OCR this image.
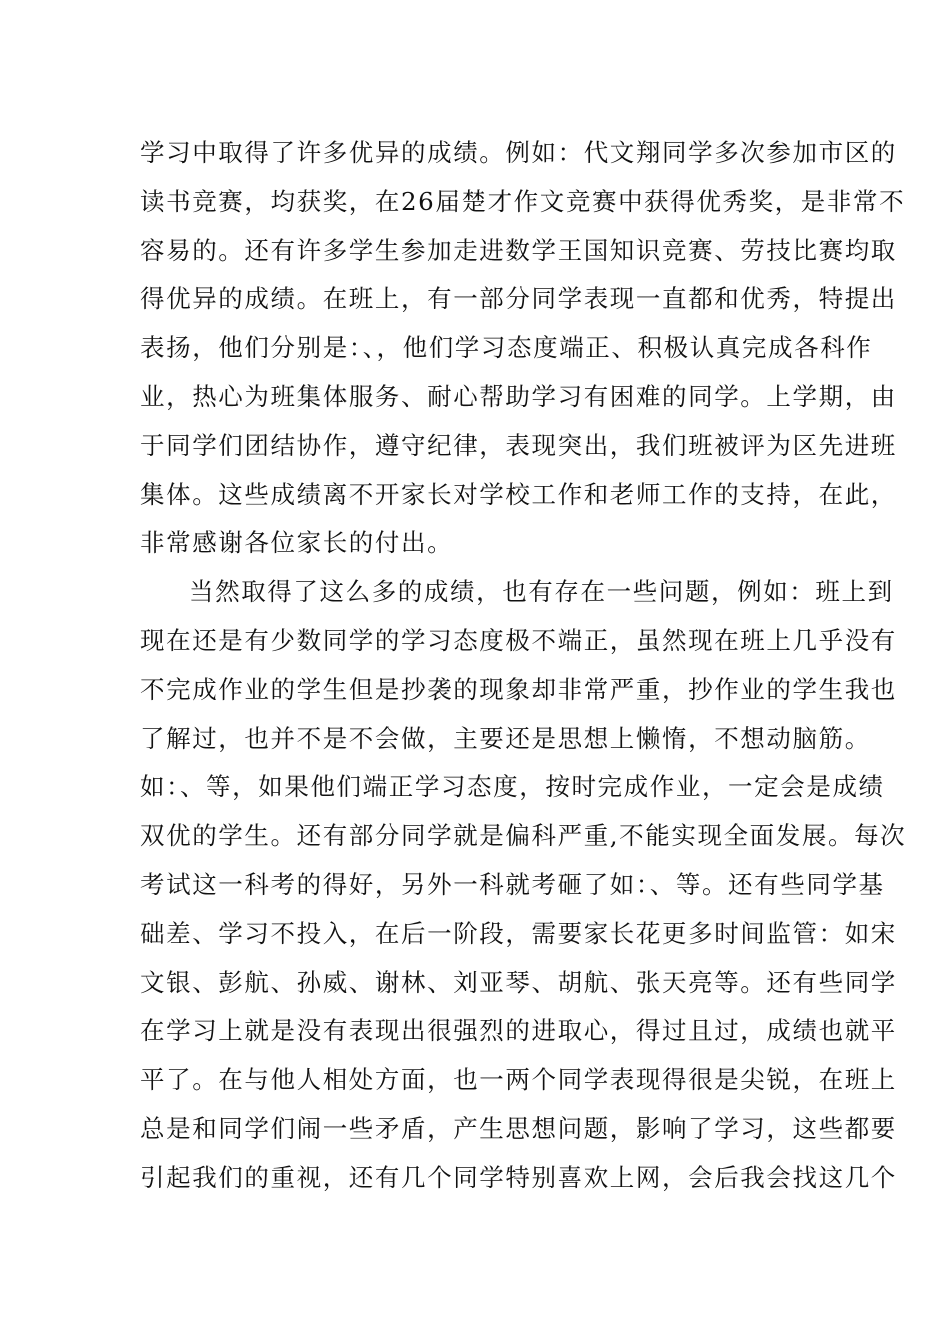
学习中取得了许多优异的成绩。例如：代文翔同学多次参加市区的
读书竞赛，均获奖，在26届楚才作文竞赛中获得优秀奖，是非常不
容易的。还有许多学生参加走进数学王国知识竞赛、劳技比赛均取
得优异的成绩。在班上，有一部分同学表现一直都和优秀，特提出
表扬，他们分别是：、，他们学习态度端正、积极认真完成各科作
业，热心为班集体服务、耐心帮助学习有困难的同学。上学期，由
于同学们团结协作，遵守纪律，表现突出，我们班被评为区先进班
集体。这些成绩离不开家长对学校工作和老师工作的支持，在此，
非常感谢各位家长的付出。
当然取得了这么多的成绩，也有存在一些问题，例如：班上到
现在还是有少数同学的学习态度极不端正，虽然现在班上几乎没有
不完成作业的学生但是抄袭的现象却非常严重，抄作业的学生我也
了解过，也并不是不会做，主要还是思想上懒惰，不想动脑筋。
如：、等，如果他们端正学习态度，按时完成作业，一定会是成绩
双优的学生。还有部分同学就是偏科严重,不能实现全面发展。每次
考试这一科考的得好，另外一科就考砸了如：、等。还有些同学基
础差、学习不投入，在后一阶段，需要家长花更多时间监管：如宋
文银、彭航、孙威、谢林、刘亚琴、胡航、张天亮等。还有些同学
在学习上就是没有表现出很强烈的进取心，得过且过，成绩也就平
平了。在与他人相处方面，也一两个同学表现得很是尖锐，在班上
总是和同学们闹一些矛盾，产生思想问题，影响了学习，这些都要
引起我们的重视，还有几个同学特别喜欢上网，会后我会找这几个
